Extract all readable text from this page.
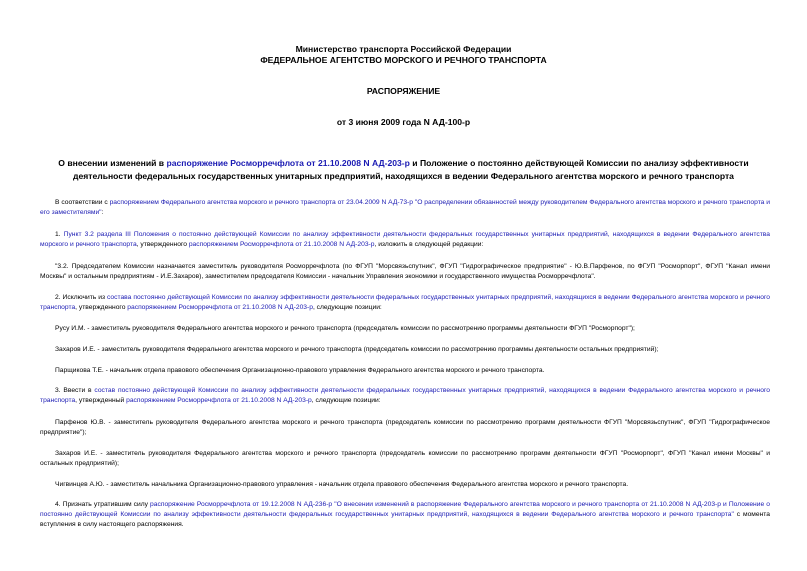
Министерство транспорта Российской Федерации
ФЕДЕРАЛЬНОЕ АГЕНТСТВО МОРСКОГО И РЕЧНОГО ТРАНСПОРТА
РАСПОРЯЖЕНИЕ
от 3 июня 2009 года N АД-100-р
О внесении изменений в распоряжение Росморречфлота от 21.10.2008 N АД-203-р и Положение о постоянно действующей Комиссии по анализу эффективности деятельности федеральных государственных унитарных предприятий, находящихся в ведении Федерального агентства морского и речного транспорта
В соответствии с распоряжением Федерального агентства морского и речного транспорта от 23.04.2009 N АД-73-р "О распределении обязанностей между руководителем Федерального агентства морского и речного транспорта и его заместителями":
1. Пункт 3.2 раздела III Положения о постоянно действующей Комиссии по анализу эффективности деятельности федеральных государственных унитарных предприятий, находящихся в ведении Федерального агентства морского и речного транспорта, утвержденного распоряжением Росморречфлота от 21.10.2008 N АД-203-р, изложить в следующей редакции:
"3.2. Председателем Комиссии назначается заместитель руководителя Росморречфлота (по ФГУП "Морсвязьспутник", ФГУП "Гидрографическое предприятие" - Ю.В.Парфенов, по ФГУП "Росморпорт", ФГУП "Канал имени Москвы" и остальным предприятиям - И.Е.Захаров), заместителем председателя Комиссии - начальник Управления экономики и государственного имущества Росморречфлота".
2. Исключить из состава постоянно действующей Комиссии по анализу эффективности деятельности федеральных государственных унитарных предприятий, находящихся в ведении Федерального агентства морского и речного транспорта, утвержденного распоряжением Росморречфлота от 21.10.2008 N АД-203-р, следующие позиции:
Русу И.М. - заместитель руководителя Федерального агентства морского и речного транспорта (председатель комиссии по рассмотрению программы деятельности ФГУП "Росморпорт");
Захаров И.Е. - заместитель руководителя Федерального агентства морского и речного транспорта (председатель комиссии по рассмотрению программы деятельности остальных предприятий);
Парщикова Т.Е. - начальник отдела правового обеспечения Организационно-правового управления Федерального агентства морского и речного транспорта.
3. Ввести в состав постоянно действующей Комиссии по анализу эффективности деятельности федеральных государственных унитарных предприятий, находящихся в ведении Федерального агентства морского и речного транспорта, утвержденный распоряжением Росморречфлота от 21.10.2008 N АД-203-р, следующие позиции:
Парфенов Ю.В. - заместитель руководителя Федерального агентства морского и речного транспорта (председатель комиссии по рассмотрению программ деятельности ФГУП "Морсвязьспутник", ФГУП "Гидрографическое предприятие");
Захаров И.Е. - заместитель руководителя Федерального агентства морского и речного транспорта (председатель комиссии по рассмотрению программ деятельности ФГУП "Росморпорт", ФГУП "Канал имени Москвы" и остальных предприятий);
Чигвинцев А.Ю. - заместитель начальника Организационно-правового управления - начальник отдела правового обеспечения Федерального агентства морского и речного транспорта.
4. Признать утратившим силу распоряжение Росморречфлота от 19.12.2008 N АД-236-р "О внесении изменений в распоряжение Федерального агентства морского и речного транспорта от 21.10.2008 N АД-203-р и Положение о постоянно действующей Комиссии по анализу эффективности деятельности федеральных государственных унитарных предприятий, находящихся в ведении Федерального агентства морского и речного транспорта" с момента вступления в силу настоящего распоряжения.
